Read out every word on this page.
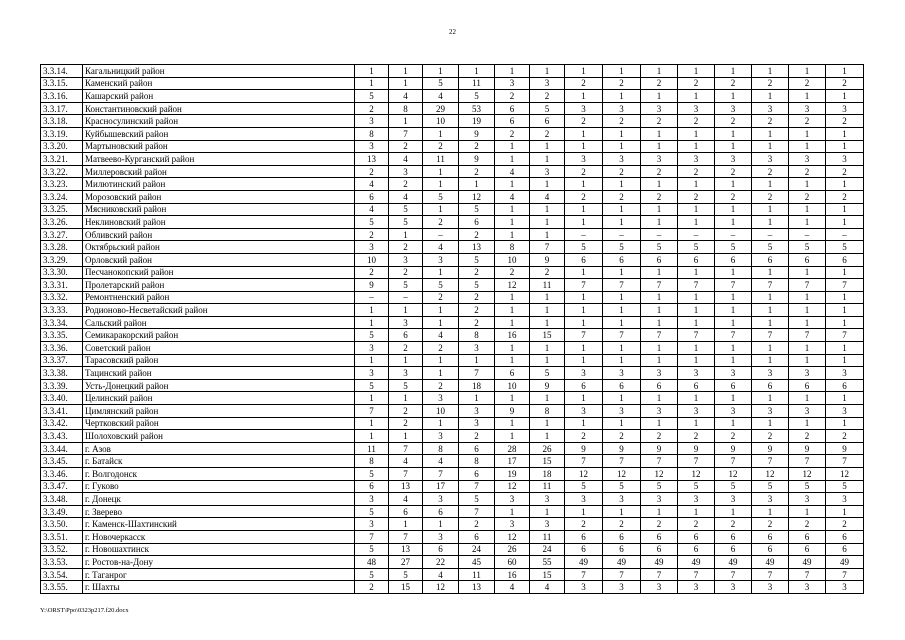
22
3.3.14.	Кагальницкий район	1	1	1	1	1	1	1	1	1	1	1	1	1	1
3.3.15.	Каменский район	1	1	5	11	3	3	2	2	2	2	2	2	2	2
3.3.16.	Кашарский район	5	4	4	5	2	2	1	1	1	1	1	1	1	1
3.3.17.	Константиновский район	2	8	29	53	6	5	3	3	3	3	3	3	3	3
3.3.18.	Красносулинский район	3	1	10	19	6	6	2	2	2	2	2	2	2	2
3.3.19.	Куйбышевский район	8	7	1	9	2	2	1	1	1	1	1	1	1	1
3.3.20.	Мартыновский район	3	2	2	2	1	1	1	1	1	1	1	1	1	1
3.3.21.	Матвеево-Курганский район	13	4	11	9	1	1	3	3	3	3	3	3	3	3
3.3.22.	Миллеровский район	2	3	1	2	4	3	2	2	2	2	2	2	2	2
3.3.23.	Милютинский район	4	2	1	1	1	1	1	1	1	1	1	1	1	1
3.3.24.	Морозовский район	6	4	5	12	4	4	2	2	2	2	2	2	2	2
3.3.25.	Мясниковский район	4	5	1	5	1	1	1	1	1	1	1	1	1	1
3.3.26.	Неклиновский район	5	5	2	6	1	1	1	1	1	1	1	1	1	1
3.3.27.	Обливский район	2	1	–	2	1	1	–	–	–	–	–	–	–	–
3.3.28.	Октябрьский район	3	2	4	13	8	7	5	5	5	5	5	5	5	5
3.3.29.	Орловский район	10	3	3	5	10	9	6	6	6	6	6	6	6	6
3.3.30.	Песчанокопский район	2	2	1	2	2	2	1	1	1	1	1	1	1	1
3.3.31.	Пролетарский район	9	5	5	5	12	11	7	7	7	7	7	7	7	7
3.3.32.	Ремонтненский район	–	–	2	2	1	1	1	1	1	1	1	1	1	1
3.3.33.	Родионово-Несветайский район	1	1	1	2	1	1	1	1	1	1	1	1	1	1
3.3.34.	Сальский район	1	3	1	2	1	1	1	1	1	1	1	1	1	1
3.3.35.	Семикаракорский район	5	6	4	8	16	15	7	7	7	7	7	7	7	7
3.3.36.	Советский район	3	2	2	3	1	1	1	1	1	1	1	1	1	1
3.3.37.	Тарасовский район	1	1	1	1	1	1	1	1	1	1	1	1	1	1
3.3.38.	Тацинский район	3	3	1	7	6	5	3	3	3	3	3	3	3	3
3.3.39.	Усть-Донецкий район	5	5	2	18	10	9	6	6	6	6	6	6	6	6
3.3.40.	Целинский район	1	1	3	1	1	1	1	1	1	1	1	1	1	1
3.3.41.	Цимлянский район	7	2	10	3	9	8	3	3	3	3	3	3	3	3
3.3.42.	Чертковский район	1	2	1	3	1	1	1	1	1	1	1	1	1	1
3.3.43.	Шолоховский район	1	1	3	2	1	1	2	2	2	2	2	2	2	2
3.3.44.	г. Азов	11	7	8	6	28	26	9	9	9	9	9	9	9	9
3.3.45.	г. Батайск	8	4	4	8	17	15	7	7	7	7	7	7	7	7
3.3.46.	г. Волгодонск	5	7	7	6	19	18	12	12	12	12	12	12	12	12
3.3.47.	г. Гуково	6	13	17	7	12	11	5	5	5	5	5	5	5	5
3.3.48.	г. Донецк	3	4	3	5	3	3	3	3	3	3	3	3	3	3
3.3.49.	г. Зверево	5	6	6	7	1	1	1	1	1	1	1	1	1	1
3.3.50.	г. Каменск-Шахтинский	3	1	1	2	3	3	2	2	2	2	2	2	2	2
3.3.51.	г. Новочеркасск	7	7	3	6	12	11	6	6	6	6	6	6	6	6
3.3.52.	г. Новошахтинск	5	13	6	24	26	24	6	6	6	6	6	6	6	6
3.3.53.	г. Ростов-на-Дону	48	27	22	45	60	55	49	49	49	49	49	49	49	49
3.3.54.	г. Таганрог	5	5	4	11	16	15	7	7	7	7	7	7	7	7
3.3.55.	г. Шахты	2	15	12	13	4	4	3	3	3	3	3	3	3	3
Y:\ORST\Ppo\0323p217.f20.docx
